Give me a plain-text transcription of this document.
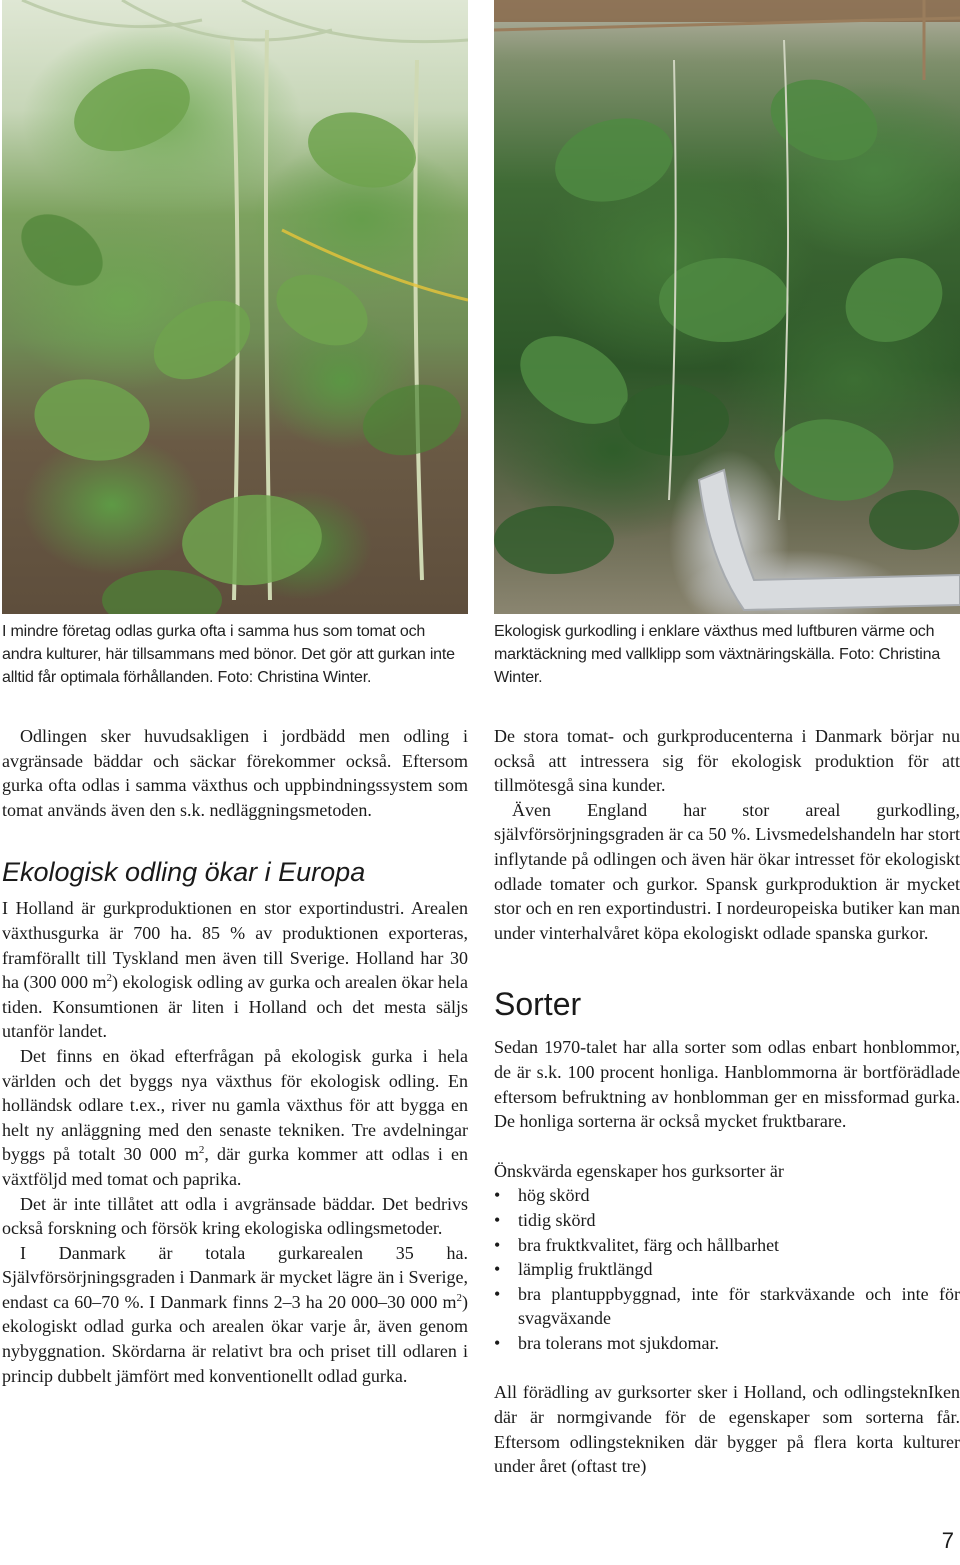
I mindre företag odlas gurka ofta i samma hus som tomat och andra kulturer, här tillsammans med bönor. Det gör att gurkan inte alltid får optimala förhållanden. Foto: Christina Winter.

Odlingen sker huvudsakligen i jordbädd men odling i avgränsade bäddar och säckar förekommer också. Eftersom gurka ofta odlas i samma växthus och uppbindningssystem som tomat används även den s.k. nedläggningsmetoden.

Ekologisk odling ökar i Europa

I Holland är gurkproduktionen en stor exportindustri. Arealen växthusgurka är 700 ha. 85 % av produktionen exporteras, framförallt till Tyskland men även till Sverige. Holland har 30 ha (300 000 $m^2$) ekologisk odling av gurka och arealen ökar hela tiden. Konsumtionen är liten i Holland och det mesta säljs utanför landet.

Det finns en ökad efterfrågan på ekologisk gurka i hela världen och det byggs nya växthus för ekologisk odling. En holländsk odlare t.ex., river nu gamla växthus för att bygga en helt ny anläggning med den senaste tekniken. Tre avdelningar byggs på totalt 30 000 $m^2$, där gurka kommer att odlas i en växtföljd med tomat och paprika.

Det är inte tillåtet att odla i avgränsade bäddar. Det bedrivs också forskning och försök kring ekologiska odlingsmetoder.

I Danmark är totala gurkarealen 35 ha. Självförsörjningsgraden i Danmark är mycket lägre än i Sverige, endast ca 60–70 %. I Danmark finns 2–3 ha 20 000–30 000 $m^2$) ekologiskt odlad gurka och arealen ökar varje år, även genom nybyggnation. Skördarna är relativt bra och priset till odlaren i princip dubbelt jämfört med konventionellt odlad gurka.

Ekologisk gurkodling i enklare växthus med luftburen värme och marktäckning med vallklipp som växtnäringskälla. Foto: Christina Winter.

De stora tomat- och gurkproducenterna i Danmark börjar nu också att intressera sig för ekologisk produktion för att tillmötesgå sina kunder.

Även England har stor areal gurkodling, självförsörjningsgraden är ca 50 %. Livsmedelshandeln har stort inflytande på odlingen och även här ökar intresset för ekologiskt odlade tomater och gurkor. Spansk gurkproduktion är mycket stor och en ren exportindustri. I nordeuropeiska butiker kan man under vinterhalvåret köpa ekologiskt odlade spanska gurkor.

Sorter

Sedan 1970-talet har alla sorter som odlas enbart honblommor, de är s.k. 100 procent honliga. Hanblommorna är bortförädlade eftersom befruktning av honblomman ger en missformad gurka. De honliga sorterna är också mycket fruktbarare.

Önskvärda egenskaper hos gurksorter är

• hög skörd
• tidig skörd
• bra fruktkvalitet, färg och hållbarhet
• lämplig fruktlängd
• bra plantuppbyggnad, inte för starkväxande och inte för svagväxande
• bra tolerans mot sjukdomar.

All förädling av gurksorter sker i Holland, och odlingsteknIken där är normgivande för de egenskaper som sorterna får. Eftersom odlingstekniken där bygger på flera korta kulturer under året (oftast tre)

7
